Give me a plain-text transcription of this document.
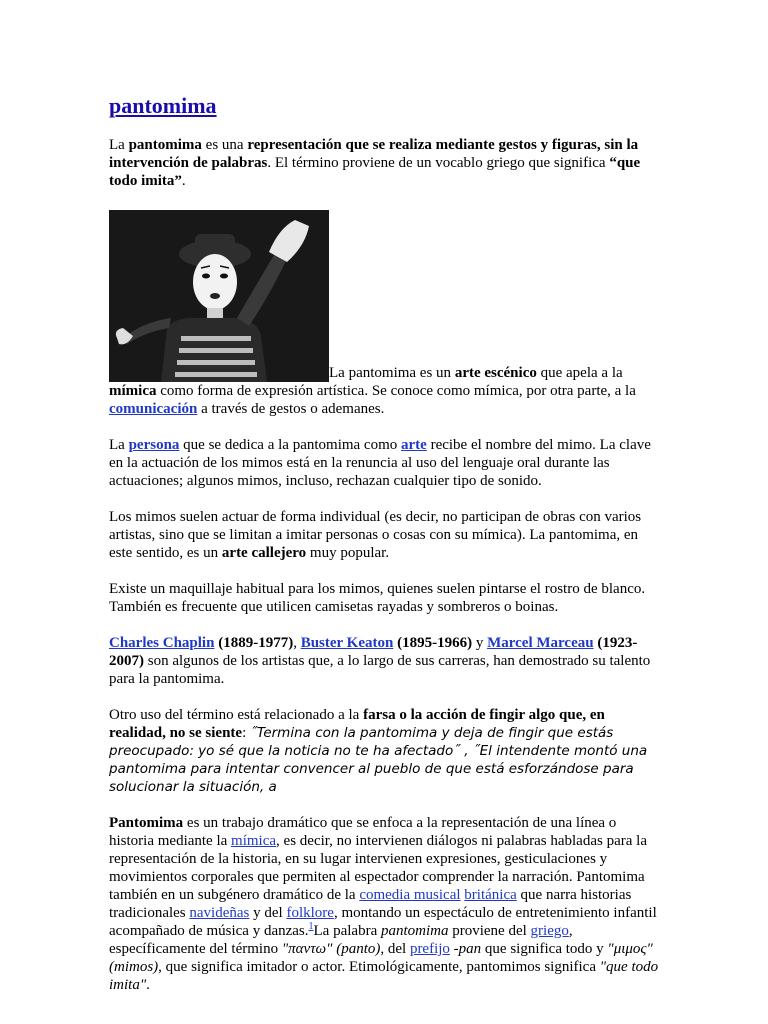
pantomima

La pantomima es una representación que se realiza mediante gestos y figuras, sin la intervención de palabras. El término proviene de un vocablo griego que significa “que todo imita”.

La pantomima es un arte escénico que apela a la mímica como forma de expresión artística. Se conoce como mímica, por otra parte, a la comunicación a través de gestos o ademanes.

La persona que se dedica a la pantomima como arte recibe el nombre del mimo. La clave en la actuación de los mimos está en la renuncia al uso del lenguaje oral durante las actuaciones; algunos mimos, incluso, rechazan cualquier tipo de sonido.

Los mimos suelen actuar de forma individual (es decir, no participan de obras con varios artistas, sino que se limitan a imitar personas o cosas con su mímica). La pantomima, en este sentido, es un arte callejero muy popular.

Existe un maquillaje habitual para los mimos, quienes suelen pintarse el rostro de blanco. También es frecuente que utilicen camisetas rayadas y sombreros o boinas.

Charles Chaplin (1889-1977), Buster Keaton (1895-1966) y Marcel Marceau (1923-2007) son algunos de los artistas que, a lo largo de sus carreras, han demostrado su talento para la pantomima.

Otro uso del término está relacionado a la farsa o la acción de fingir algo que, en realidad, no se siente: ˝Termina con la pantomima y deja de fingir que estás preocupado: yo sé que la noticia no te ha afectado˝ , ˝El intendente montó una pantomima para intentar convencer al pueblo de que está esforzándose para solucionar la situación, a

Pantomima es un trabajo dramático que se enfoca a la representación de una línea o historia mediante la mímica, es decir, no intervienen diálogos ni palabras habladas para la representación de la historia, en su lugar intervienen expresiones, gesticulaciones y movimientos corporales que permiten al espectador comprender la narración. Pantomima también en un subgénero dramático de la comedia musical británica que narra historias tradicionales navideñas y del folklore, montando un espectáculo de entretenimiento infantil acompañado de música y danzas.$^1$La palabra pantomima proviene del griego, específicamente del término "παντω" (panto), del prefijo -pan que significa todo y "μιμος" (mimos), que significa imitador o actor. Etimológicamente, pantomimos significa "que todo imita".
